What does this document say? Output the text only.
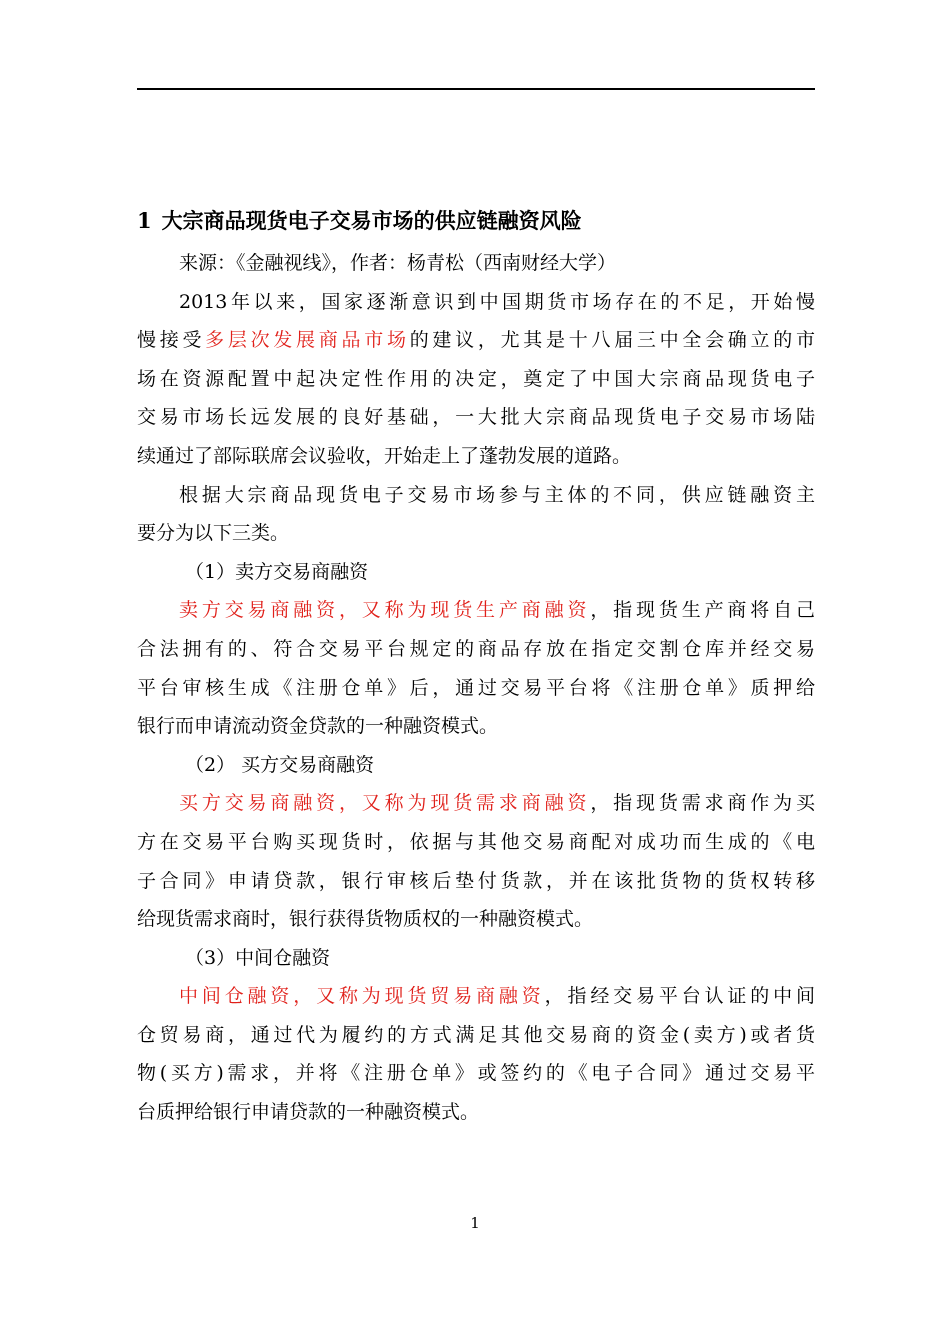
1 大宗商品现货电子交易市场的供应链融资风险
来源：《金融视线》，作者：杨青松（西南财经大学）
2013年以来，国家逐渐意识到中国期货市场存在的不足，开始慢
慢接受多层次发展商品市场的建议，尤其是十八届三中全会确立的市
场在资源配置中起决定性作用的决定，奠定了中国大宗商品现货电子
交易市场长远发展的良好基础，一大批大宗商品现货电子交易市场陆
续通过了部际联席会议验收，开始走上了蓬勃发展的道路。
根据大宗商品现货电子交易市场参与主体的不同，供应链融资主
要分为以下三类。
（1）卖方交易商融资
卖方交易商融资，又称为现货生产商融资，指现货生产商将自己
合法拥有的、符合交易平台规定的商品存放在指定交割仓库并经交易
平台审核生成《注册仓单》后，通过交易平台将《注册仓单》质押给
银行而申请流动资金贷款的一种融资模式。
（2） 买方交易商融资
买方交易商融资，又称为现货需求商融资，指现货需求商作为买
方在交易平台购买现货时，依据与其他交易商配对成功而生成的《电
子合同》申请贷款，银行审核后垫付货款，并在该批货物的货权转移
给现货需求商时，银行获得货物质权的一种融资模式。
（3）中间仓融资
中间仓融资，又称为现货贸易商融资，指经交易平台认证的中间
仓贸易商，通过代为履约的方式满足其他交易商的资金(卖方)或者货
物(买方)需求，并将《注册仓单》或签约的《电子合同》通过交易平
台质押给银行申请贷款的一种融资模式。
1
